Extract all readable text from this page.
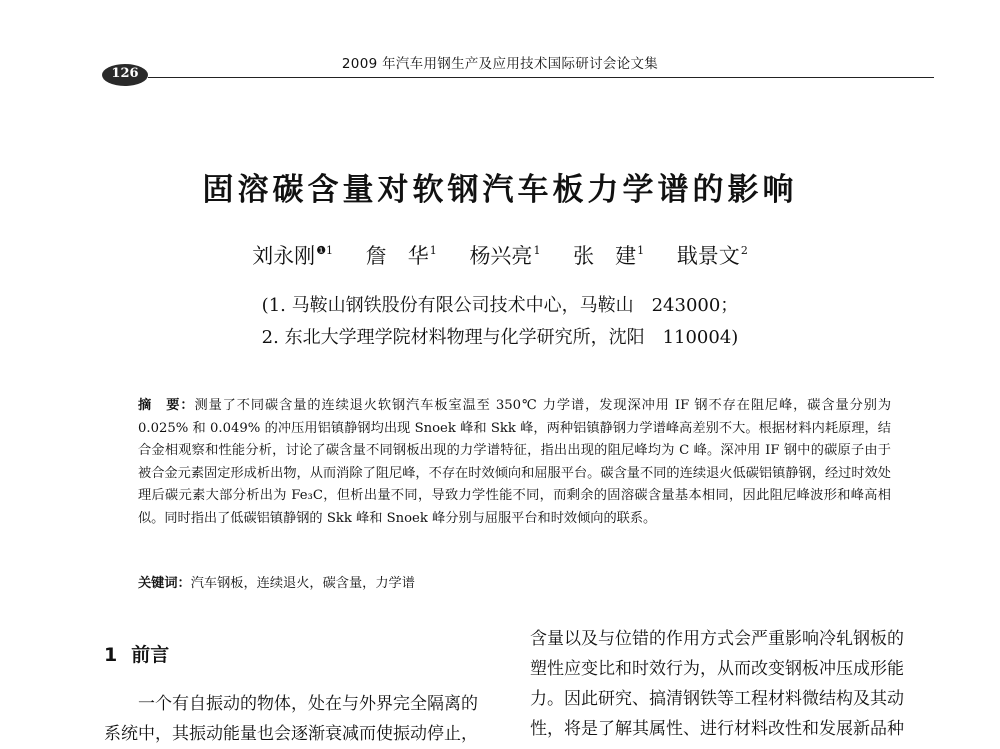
126
2009 年汽车用钢生产及应用技术国际研讨会论文集
固溶碳含量对软钢汽车板力学谱的影响
刘永刚$^{❶1}$ 詹　华$^1$ 杨兴亮$^1$ 张　建$^1$ 戢景文$^2$
(1. 马鞍山钢铁股份有限公司技术中心，马鞍山　243000；
2. 东北大学理学院材料物理与化学研究所，沈阳　110004)
摘　要：测量了不同碳含量的连续退火软钢汽车板室温至 350℃ 力学谱，发现深冲用 IF 钢不存在阻尼峰，碳含量分别为 0.025% 和 0.049% 的冲压用铝镇静钢均出现 Snoek 峰和 Skk 峰，两种铝镇静钢力学谱峰高差别不大。根据材料内耗原理，结合金相观察和性能分析，讨论了碳含量不同钢板出现的力学谱特征，指出出现的阻尼峰均为 C 峰。深冲用 IF 钢中的碳原子由于被合金元素固定形成析出物，从而消除了阻尼峰，不存在时效倾向和屈服平台。碳含量不同的连续退火低碳铝镇静钢，经过时效处理后碳元素大部分析出为 Fe₃C，但析出量不同，导致力学性能不同，而剩余的固溶碳含量基本相同，因此阻尼峰波形和峰高相似。同时指出了低碳铝镇静钢的 Skk 峰和 Snoek 峰分别与屈服平台和时效倾向的联系。
关键词：汽车钢板，连续退火，碳含量，力学谱
1 前言

一个有自振动的物体，处在与外界完全隔离的

系统中，其振动能量也会逐渐衰减而使振动停止，

含量以及与位错的作用方式会严重影响冷轧钢板的

塑性应变比和时效行为，从而改变钢板冲压成形能

力。因此研究、搞清钢铁等工程材料微结构及其动

性，将是了解其属性、进行材料改性和发展新品种
